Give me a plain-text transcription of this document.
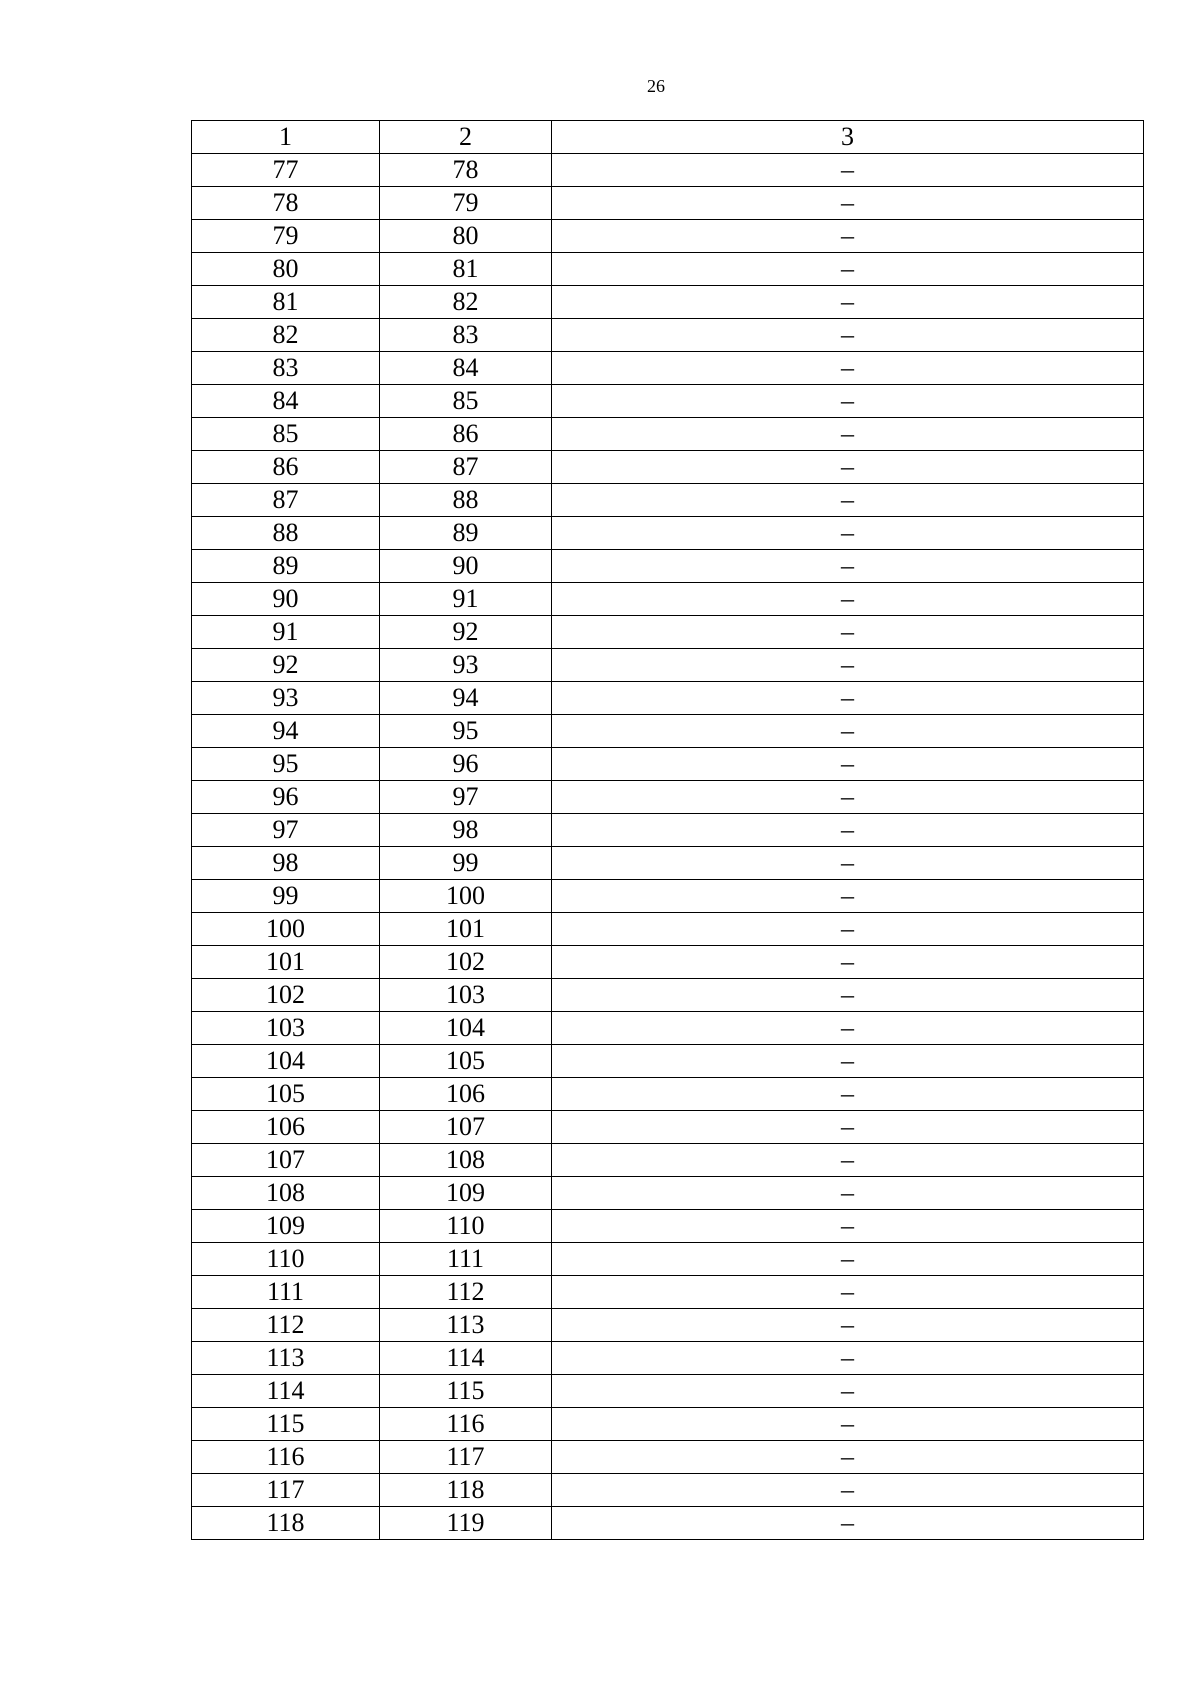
26
1	2	3
77	78	–
78	79	–
79	80	–
80	81	–
81	82	–
82	83	–
83	84	–
84	85	–
85	86	–
86	87	–
87	88	–
88	89	–
89	90	–
90	91	–
91	92	–
92	93	–
93	94	–
94	95	–
95	96	–
96	97	–
97	98	–
98	99	–
99	100	–
100	101	–
101	102	–
102	103	–
103	104	–
104	105	–
105	106	–
106	107	–
107	108	–
108	109	–
109	110	–
110	111	–
111	112	–
112	113	–
113	114	–
114	115	–
115	116	–
116	117	–
117	118	–
118	119	–
